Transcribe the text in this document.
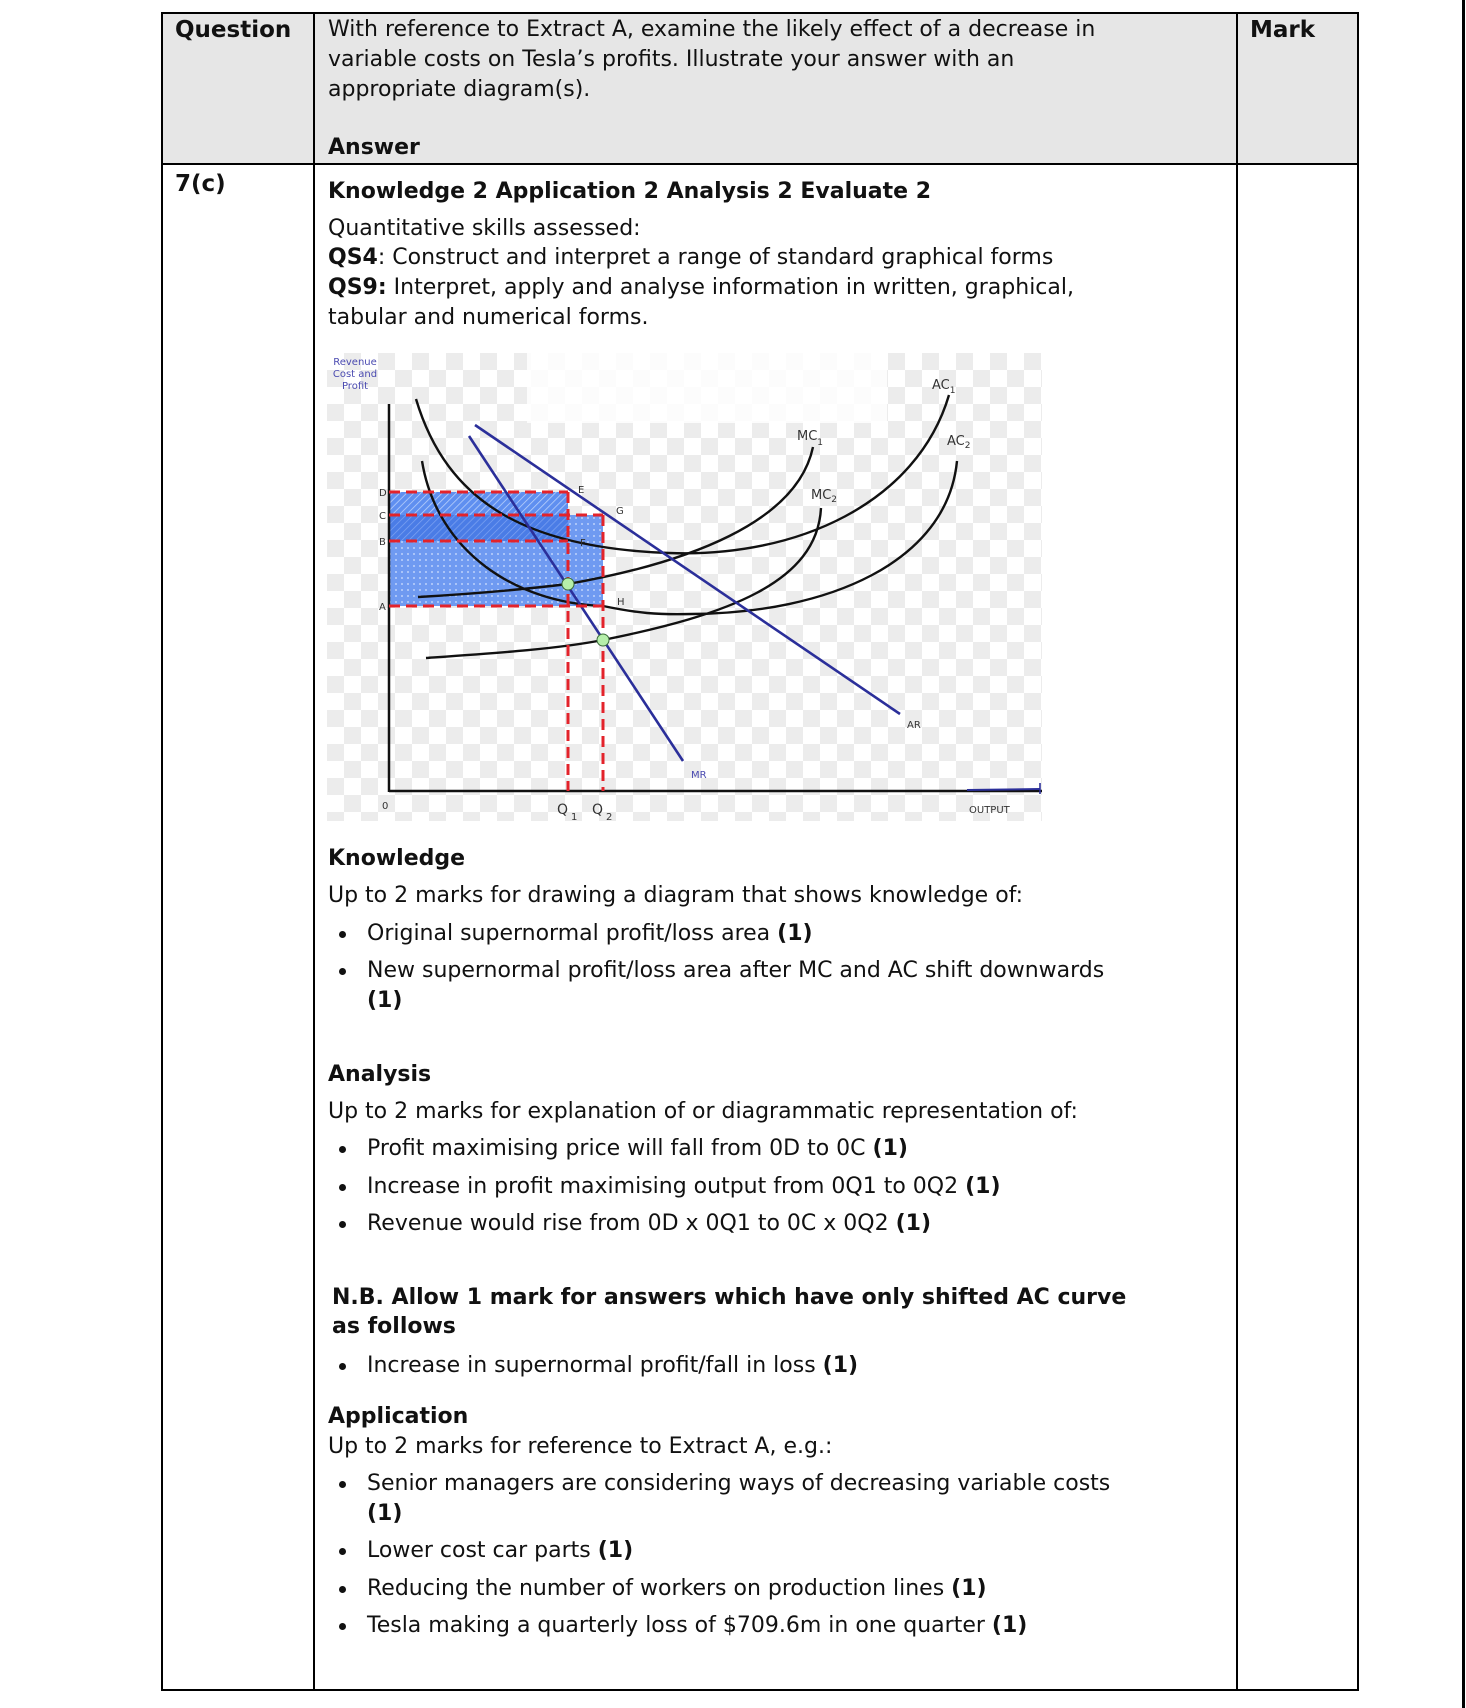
Question With reference to Extract A, examine the likely effect of a decrease in
variable costs on Tesla’s profits. Illustrate your answer with an
appropriate diagram(s).
Answer
Mark
7(c)	Knowledge 2 Application 2 Analysis 2 Evaluate 2
Quantitative skills assessed:
QS4: Construct and interpret a range of standard graphical forms
QS9: Interpret, apply and analyse information in written, graphical,
tabular and numerical forms.
Revenue
Cost and
Profit
D
C
B
A
0
E
G
F
H
Q $_1$ Q $_2$
$AC_1$
$AC_2$
$MC_1$
$MC_2$
AR
MR
OUTPUT
Knowledge
Up to 2 marks for drawing a diagram that shows knowledge of:
Original supernormal profit/loss area (1)
New supernormal profit/loss area after MC and AC shift downwards
(1)
Analysis
Up to 2 marks for explanation of or diagrammatic representation of:
Profit maximising price will fall from 0D to 0C (1)
Increase in profit maximising output from 0Q1 to 0Q2 (1)
Revenue would rise from 0D x 0Q1 to 0C x 0Q2 (1)
N.B. Allow 1 mark for answers which have only shifted AC curve
as follows
Increase in supernormal profit/fall in loss (1)
Application
Up to 2 marks for reference to Extract A, e.g.:
Senior managers are considering ways of decreasing variable costs
(1)
Lower cost car parts (1)
Reducing the number of workers on production lines (1)
Tesla making a quarterly loss of $709.6m in one quarter (1)
